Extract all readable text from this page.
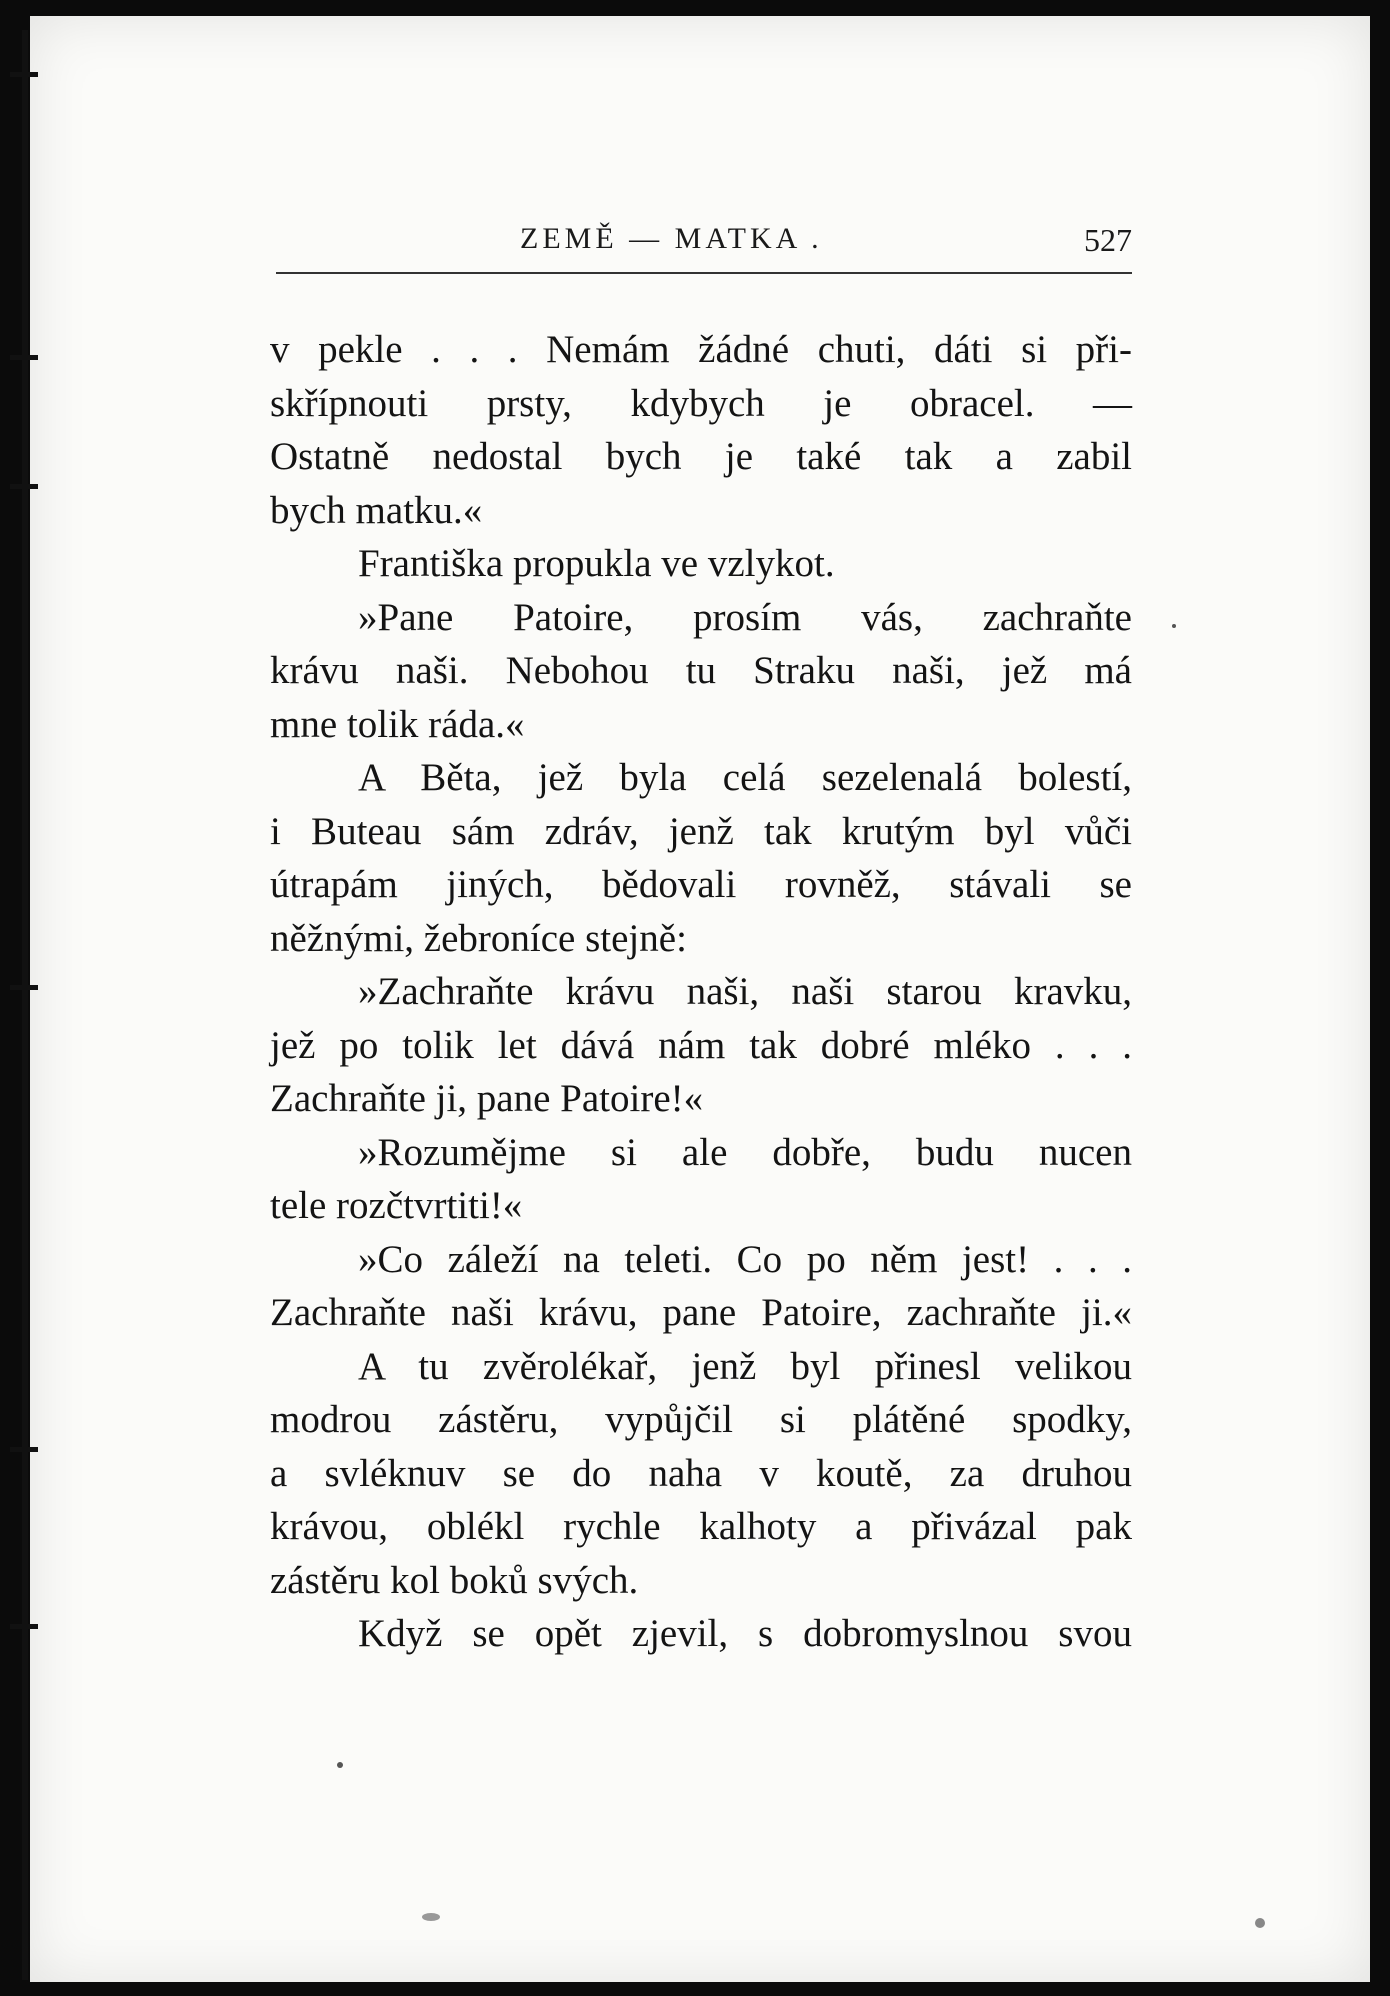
ZEMĚ — MATKA .	527
v pekle . . . Nemám žádné chuti, dáti si při-
skřípnouti prsty, kdybych je obracel. —
Ostatně nedostal bych je také tak a zabil
bych matku.«
Františka propukla ve vzlykot.
»Pane Patoire, prosím vás, zachraňte
krávu naši. Nebohou tu Straku naši, jež má
mne tolik ráda.«
A Běta, jež byla celá sezelenalá bolestí,
i Buteau sám zdráv, jenž tak krutým byl vůči
útrapám jiných, bědovali rovněž, stávali se
něžnými, žebroníce stejně:
»Zachraňte krávu naši, naši starou kravku,
jež po tolik let dává nám tak dobré mléko . . .
Zachraňte ji, pane Patoire!«
»Rozumějme si ale dobře, budu nucen
tele rozčtvrtiti!«
»Co záleží na teleti. Co po něm jest! . . .
Zachraňte naši krávu, pane Patoire, zachraňte ji.«
A tu zvěrolékař, jenž byl přinesl velikou
modrou zástěru, vypůjčil si plátěné spodky,
a svléknuv se do naha v koutě, za druhou
krávou, oblékl rychle kalhoty a přivázal pak
zástěru kol boků svých.
Když se opět zjevil, s dobromyslnou svou
